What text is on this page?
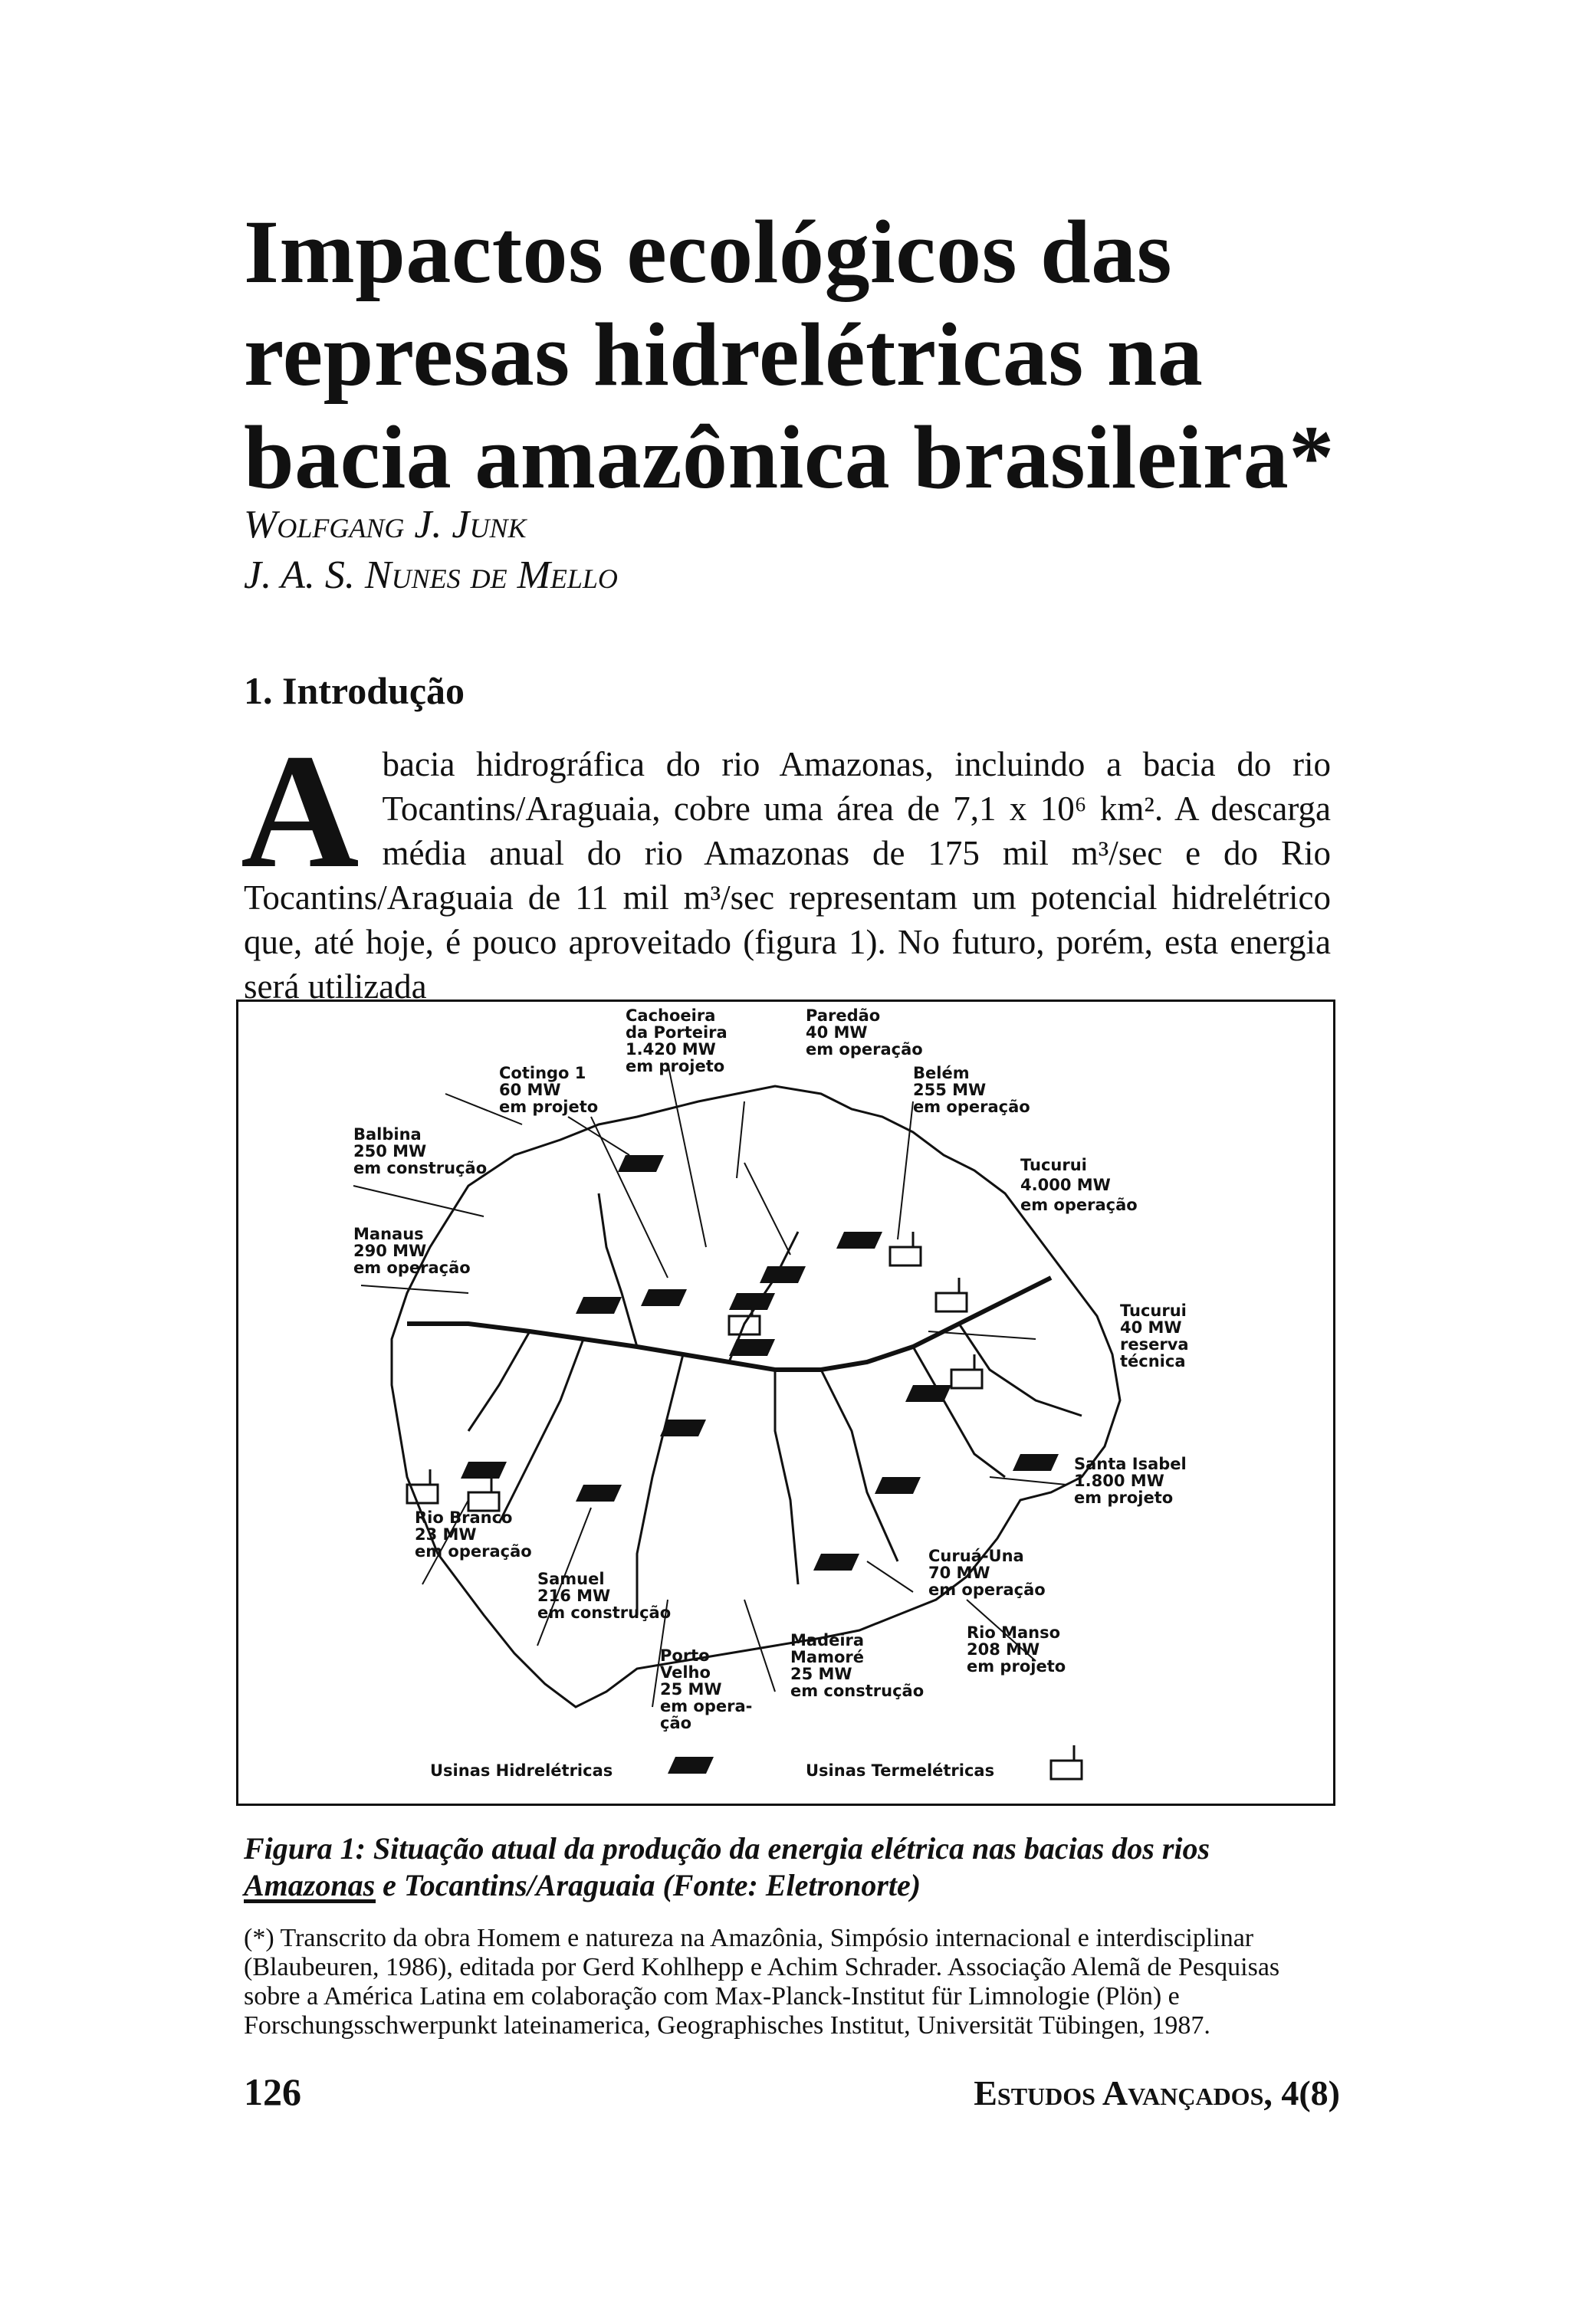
Impactos ecológicos das represas hidrelétricas na bacia amazônica brasileira*
Wolfgang J. Junk
J. A. S. Nunes de Mello
1. Introdução
A bacia hidrográfica do rio Amazonas, incluindo a bacia do rio Tocantins/Araguaia, cobre uma área de 7,1 x 10⁶ km². A descarga média anual do rio Amazonas de 175 mil m³/sec e do Rio Tocantins/Araguaia de 11 mil m³/sec representam um potencial hidrelétrico que, até hoje, é pouco aproveitado (figura 1). No futuro, porém, esta energia será utilizada
Cachoeira da Porteira 1.420 MW em projeto
Paredão 40 MW em operação
Cotingo 1 60 MW em projeto
Belém 255 MW em operação
Balbina 250 MW em construção	Tucurui 4.000 MW em operação
Manaus 290 MW em operação
Tucurui 40 MW reserva técnica
Santa Isabel 1.800 MW em projeto
Rio Branco 23 MW em operação	Curuá-Una 70 MW em operação
Samuel 216 MW em construção
Rio Manso 208 MW em projeto
Porto Velho 25 MW em opera-ção
Madeira Mamoré 25 MW em construção
Usinas Hidrelétricas	Usinas Termelétricas
Figura 1: Situação atual da produção da energia elétrica nas bacias dos rios Amazonas e Tocantins/Araguaia (Fonte: Eletronorte)
(*) Transcrito da obra Homem e natureza na Amazônia, Simpósio internacional e interdisciplinar (Blaubeuren, 1986), editada por Gerd Kohlhepp e Achim Schrader. Associação Alemã de Pesquisas sobre a América Latina em colaboração com Max-Planck-Institut für Limnologie (Plön) e Forschungsschwerpunkt lateinamerica, Geographisches Institut, Universität Tübingen, 1987.
126	Estudos Avançados, 4(8)
